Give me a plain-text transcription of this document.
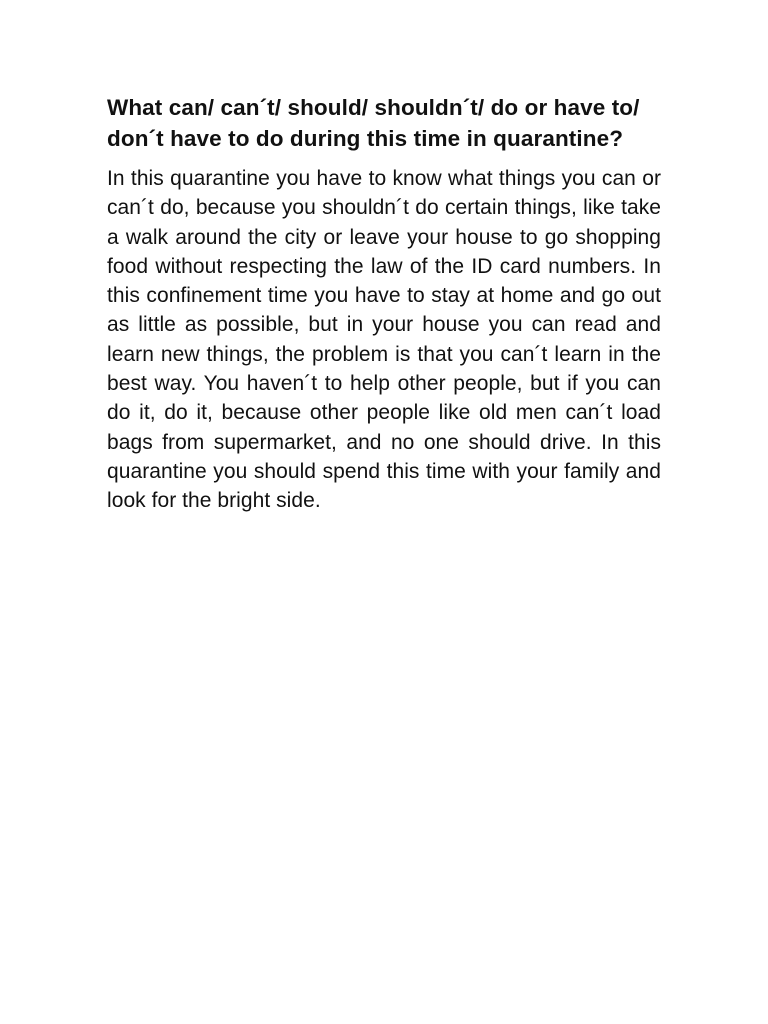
What can/ can´t/ should/ shouldn´t/ do or have to/ don´t have to do during this time in quarantine?

In this quarantine you have to know what things you can or can´t do, because you shouldn´t do certain things, like take a walk around the city or leave your house to go shopping food without respecting the law of the ID card numbers. In this confinement time you have to stay at home and go out as little as possible, but in your house you can read and learn new things, the problem is that you can´t learn in the best way. You haven´t to help other people, but if you can do it, do it, because other people like old men can´t load bags from supermarket, and no one should drive. In this quarantine you should spend this time with your family and look for the bright side.
